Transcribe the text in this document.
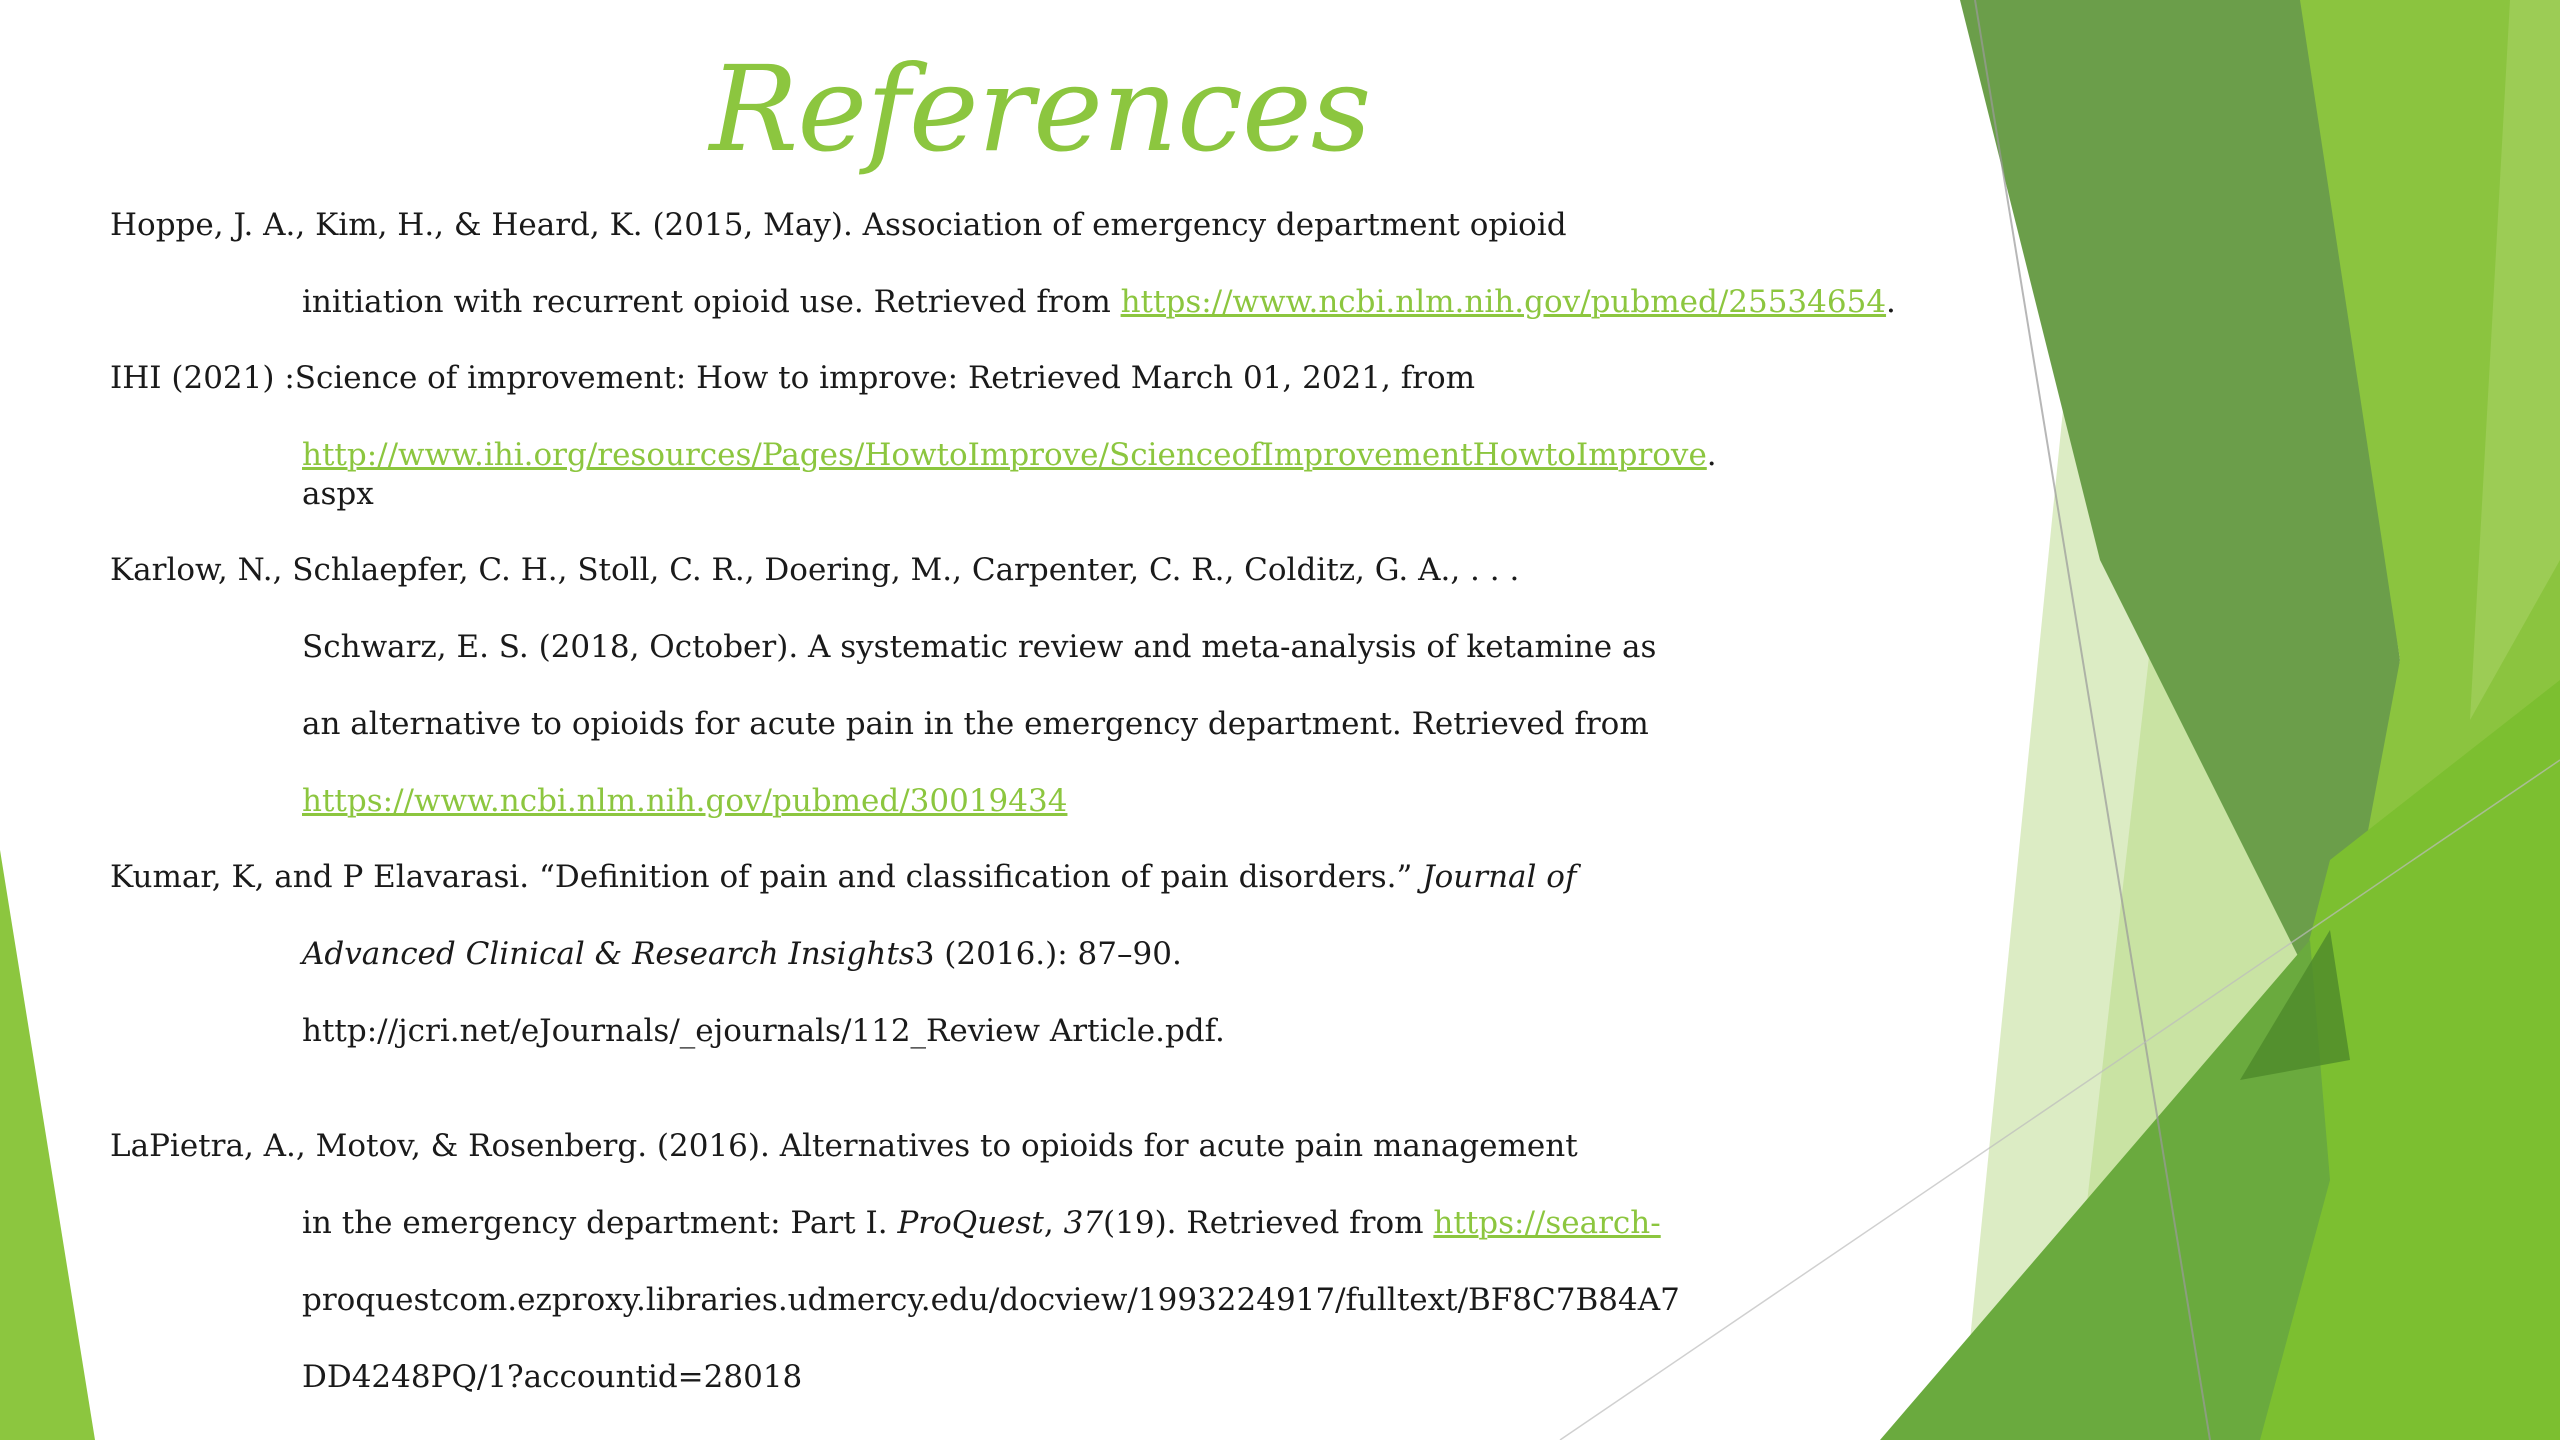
References
Hoppe, J. A., Kim, H., & Heard, K. (2015, May). Association of emergency department opioid
initiation with recurrent opioid use. Retrieved from https://www.ncbi.nlm.nih.gov/pubmed/25534654.
IHI (2021) :Science of improvement: How to improve: Retrieved March 01, 2021, from
http://www.ihi.org/resources/Pages/HowtoImprove/ScienceofImprovementHowtoImprove.
aspx
Karlow, N., Schlaepfer, C. H., Stoll, C. R., Doering, M., Carpenter, C. R., Colditz, G. A., . . .
Schwarz, E. S. (2018, October). A systematic review and meta-analysis of ketamine as
an alternative to opioids for acute pain in the emergency department. Retrieved from
https://www.ncbi.nlm.nih.gov/pubmed/30019434
Kumar, K, and P Elavarasi. “Definition of pain and classification of pain disorders.” Journal of
Advanced Clinical & Research Insights3 (2016.): 87–90.
http://jcri.net/eJournals/_ejournals/112_Review Article.pdf.
LaPietra, A., Motov, & Rosenberg. (2016). Alternatives to opioids for acute pain management
in the emergency department: Part I. ProQuest, 37(19). Retrieved from https://search-
proquestcom.ezproxy.libraries.udmercy.edu/docview/1993224917/fulltext/BF8C7B84A7
DD4248PQ/1?accountid=28018
